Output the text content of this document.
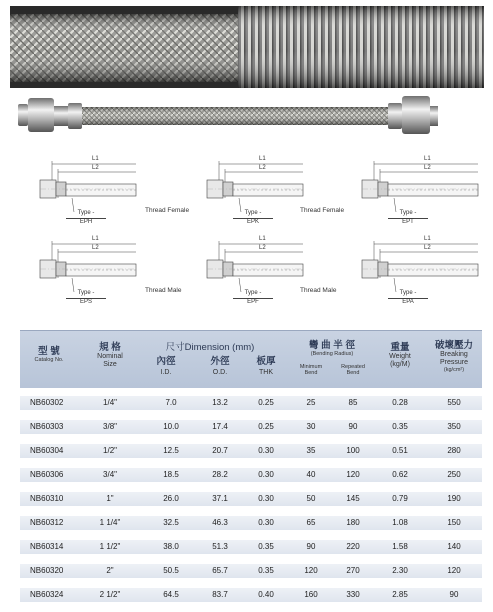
L1
L2
Type -
EPH
L1
L2
Type -
EPK
Thread Female
L1
L2
Type -
EPT
Thread Female
L1
L2
Type -
EPS
L1
L2
Type -
EPF
Thread Male
L1
L2
Type -
EPA
Thread Male
型 號
Catalog No.
規 格
Nominal
Size
尺寸Dimension (mm)
內徑
I.D.
外徑
O.D.
板厚
THK
彎 曲 半 徑
(Bending Radius)
Minimum
Bend
Repeated
Bend
重量
Weight
(kg/M)
破壞壓力
Breaking
Pressure
(kg/cm²)
NB60302	1/4"	7.0	13.2	0.25	25	85	0.28	550
NB60303	3/8"	10.0	17.4	0.25	30	90	0.35	350
NB60304	1/2"	12.5	20.7	0.30	35	100	0.51	280
NB60306	3/4"	18.5	28.2	0.30	40	120	0.62	250
NB60310	1"	26.0	37.1	0.30	50	145	0.79	190
NB60312	1 1/4"	32.5	46.3	0.30	65	180	1.08	150
NB60314	1 1/2"	38.0	51.3	0.35	90	220	1.58	140
NB60320	2"	50.5	65.7	0.35	120	270	2.30	120
NB60324	2 1/2"	64.5	83.7	0.40	160	330	2.85	90
